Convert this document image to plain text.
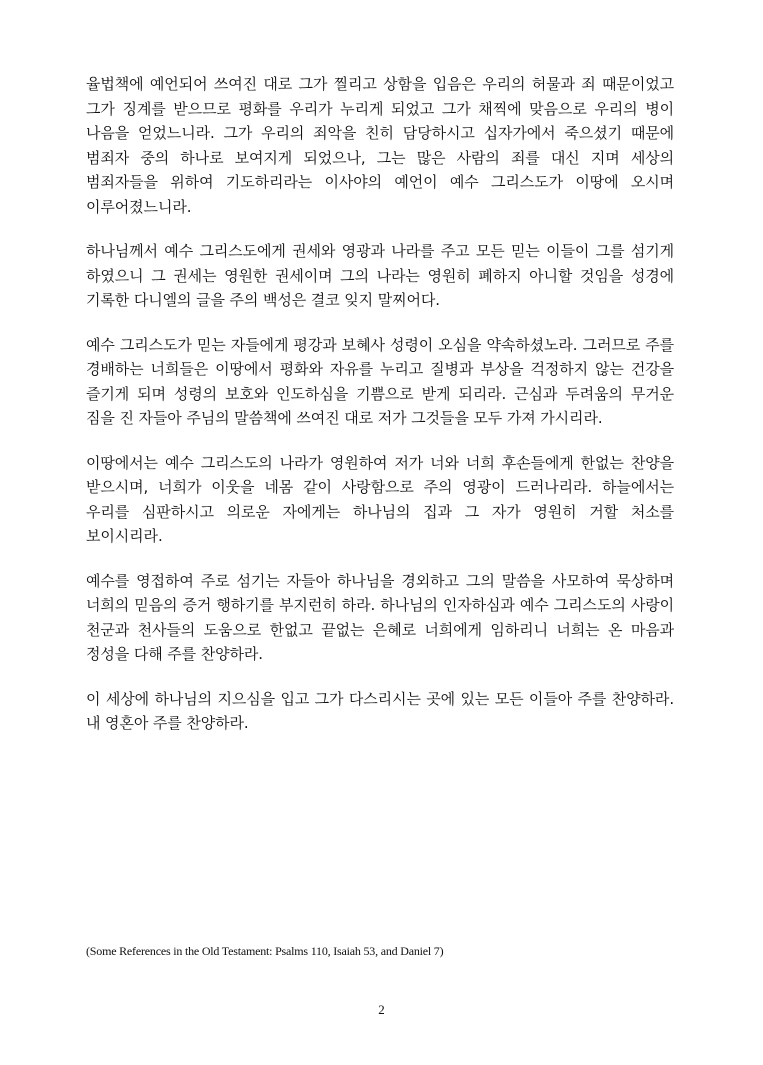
율법책에 예언되어 쓰여진 대로 그가 찔리고 상함을 입음은 우리의 허물과 죄 때문이었고 그가 징계를 받으므로 평화를 우리가 누리게 되었고 그가 채찍에 맞음으로 우리의 병이 나음을 얻었느니라. 그가 우리의 죄악을 친히 담당하시고 십자가에서 죽으셨기 때문에 범죄자 중의 하나로 보여지게 되었으나, 그는 많은 사람의 죄를 대신 지며 세상의 범죄자들을 위하여 기도하리라는 이사야의 예언이 예수 그리스도가 이땅에 오시며 이루어졌느니라.

하나님께서 예수 그리스도에게 권세와 영광과 나라를 주고 모든 믿는 이들이 그를 섬기게 하였으니 그 권세는 영원한 권세이며 그의 나라는 영원히 폐하지 아니할 것임을 성경에 기록한 다니엘의 글을 주의 백성은 결코 잊지 말찌어다.

예수 그리스도가 믿는 자들에게 평강과 보혜사 성령이 오심을 약속하셨노라. 그러므로 주를 경배하는 너희들은 이땅에서 평화와 자유를 누리고 질병과 부상을 걱정하지 않는 건강을 즐기게 되며 성령의 보호와 인도하심을 기쁨으로 받게 되리라. 근심과 두려움의 무거운 짐을 진 자들아 주님의 말씀책에 쓰여진 대로 저가 그것들을 모두 가져 가시리라.

이땅에서는 예수 그리스도의 나라가 영원하여 저가 너와 너희 후손들에게 한없는 찬양을 받으시며, 너희가 이웃을 네몸 같이 사랑함으로 주의 영광이 드러나리라. 하늘에서는 우리를 심판하시고 의로운 자에게는 하나님의 집과 그 자가 영원히 거할 처소를 보이시리라.

예수를 영접하여 주로 섬기는 자들아 하나님을 경외하고 그의 말씀을 사모하여 묵상하며 너희의 믿음의 증거 행하기를 부지런히 하라. 하나님의 인자하심과 예수 그리스도의 사랑이 천군과 천사들의 도움으로 한없고 끝없는 은혜로 너희에게 임하리니 너희는 온 마음과 정성을 다해 주를 찬양하라.

이 세상에 하나님의 지으심을 입고 그가 다스리시는 곳에 있는 모든 이들아 주를 찬양하라. 내 영혼아 주를 찬양하라.

(Some References in the Old Testament: Psalms 110, Isaiah 53, and Daniel 7)
2
